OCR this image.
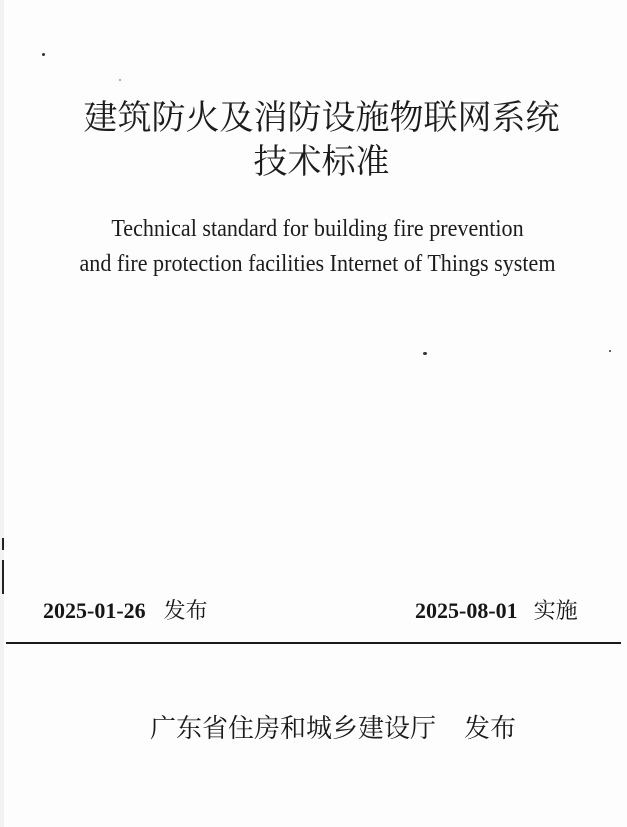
建筑防火及消防设施物联网系统
技术标准
Technical standard for building fire prevention
and fire protection facilities Internet of Things system
2025-01-26 发布	2025-08-01 实施
广东省住房和城乡建设厅 发布
